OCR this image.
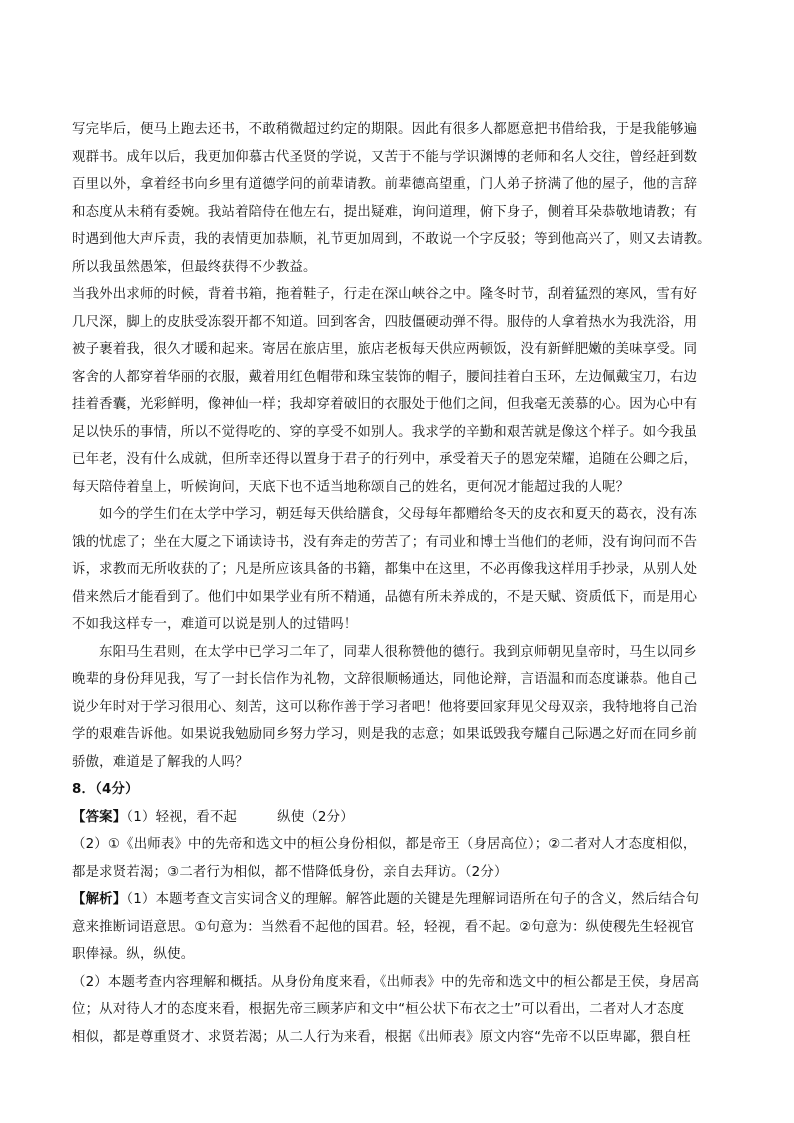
写完毕后，便马上跑去还书，不敢稍微超过约定的期限。因此有很多人都愿意把书借给我，于是我能够遍
观群书。成年以后，我更加仰慕古代圣贤的学说，又苦于不能与学识渊博的老师和名人交往，曾经赶到数
百里以外，拿着经书向乡里有道德学问的前辈请教。前辈德高望重，门人弟子挤满了他的屋子，他的言辞
和态度从未稍有委婉。我站着陪侍在他左右，提出疑难，询问道理，俯下身子，侧着耳朵恭敬地请教；有
时遇到他大声斥责，我的表情更加恭顺，礼节更加周到，不敢说一个字反驳；等到他高兴了，则又去请教。
所以我虽然愚笨，但最终获得不少教益。
当我外出求师的时候，背着书箱，拖着鞋子，行走在深山峡谷之中。隆冬时节，刮着猛烈的寒风，雪有好
几尺深，脚上的皮肤受冻裂开都不知道。回到客舍，四肢僵硬动弹不得。服侍的人拿着热水为我洗浴，用
被子裹着我，很久才暖和起来。寄居在旅店里，旅店老板每天供应两顿饭，没有新鲜肥嫩的美味享受。同
客舍的人都穿着华丽的衣服，戴着用红色帽带和珠宝装饰的帽子，腰间挂着白玉环，左边佩戴宝刀，右边
挂着香囊，光彩鲜明，像神仙一样；我却穿着破旧的衣服处于他们之间，但我毫无羡慕的心。因为心中有
足以快乐的事情，所以不觉得吃的、穿的享受不如别人。我求学的辛勤和艰苦就是像这个样子。如今我虽
已年老，没有什么成就，但所幸还得以置身于君子的行列中，承受着天子的恩宠荣耀，追随在公卿之后，
每天陪侍着皇上，听候询问，天底下也不适当地称颂自己的姓名，更何况才能超过我的人呢？
如今的学生们在太学中学习，朝廷每天供给膳食，父母每年都赠给冬天的皮衣和夏天的葛衣，没有冻
饿的忧虑了；坐在大厦之下诵读诗书，没有奔走的劳苦了；有司业和博士当他们的老师，没有询问而不告
诉，求教而无所收获的了；凡是所应该具备的书籍，都集中在这里，不必再像我这样用手抄录，从别人处
借来然后才能看到了。他们中如果学业有所不精通，品德有所未养成的，不是天赋、资质低下，而是用心
不如我这样专一，难道可以说是别人的过错吗！
东阳马生君则，在太学中已学习二年了，同辈人很称赞他的德行。我到京师朝见皇帝时，马生以同乡
晚辈的身份拜见我，写了一封长信作为礼物，文辞很顺畅通达，同他论辩，言语温和而态度谦恭。他自己
说少年时对于学习很用心、刻苦，这可以称作善于学习者吧！他将要回家拜见父母双亲，我特地将自己治
学的艰难告诉他。如果说我勉励同乡努力学习，则是我的志意；如果诋毁我夸耀自己际遇之好而在同乡前
骄傲，难道是了解我的人吗？
8．（4分）
【答案】（1）轻视，看不起	纵使（2分）
（2）①《出师表》中的先帝和选文中的桓公身份相似，都是帝王（身居高位）；②二者对人才态度相似，
都是求贤若渴；③二者行为相似，都不惜降低身份，亲自去拜访。（2分）
【解析】（1）本题考查文言实词含义的理解。解答此题的关键是先理解词语所在句子的含义，然后结合句
意来推断词语意思。①句意为：当然看不起他的国君。轻，轻视，看不起。②句意为：纵使稷先生轻视官
职俸禄。纵，纵使。
（2）本题考查内容理解和概括。从身份角度来看，《出师表》中的先帝和选文中的桓公都是王侯，身居高
位；从对待人才的态度来看，根据先帝三顾茅庐和文中“桓公状下布衣之士”可以看出，二者对人才态度
相似，都是尊重贤才、求贤若渴；从二人行为来看，根据《出师表》原文内容“先帝不以臣卑鄙，猥自枉
